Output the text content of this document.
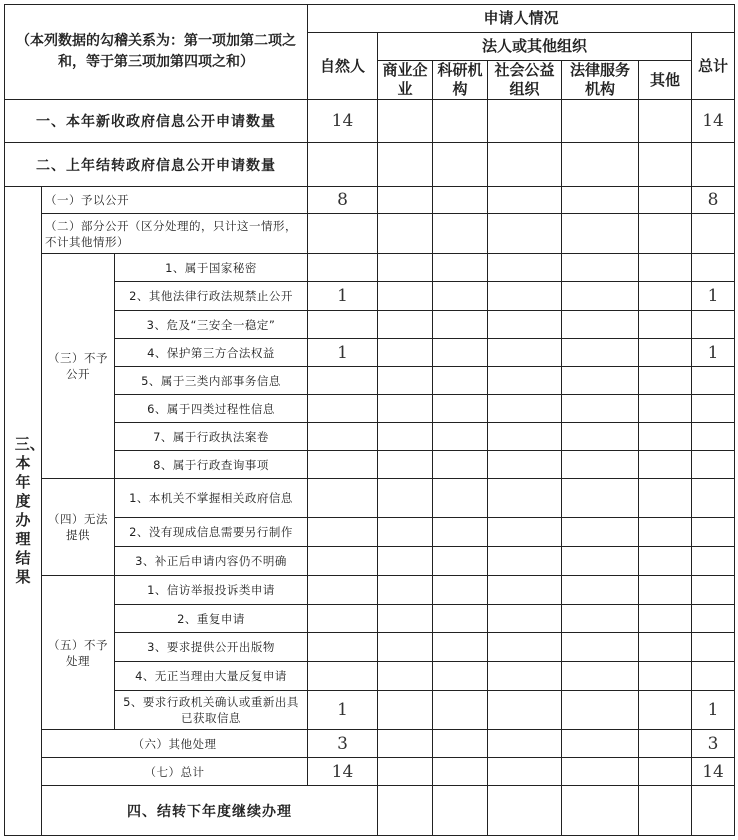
（本列数据的勾稽关系为：第一项加第二项之和，等于第三项加第四项之和）			申请人情况							
			自然人	法人或其他组织					总计	
				商业企业	科研机构	社会公益组织	法律服务机构	其他		
一、本年新收政府信息公开申请数量			14						14	
二、上年结转政府信息公开申请数量										
三、本年度办理结果	（一）予以公开		8						8	
	（二）部分公开（区分处理的，只计这一情形，不计其他情形）									
	（三）不予公开	1、属于国家秘密								
		2、其他法律行政法规禁止公开	1						1	
		3、危及“三安全一稳定”								
		4、保护第三方合法权益	1						1	
		5、属于三类内部事务信息								
		6、属于四类过程性信息								
		7、属于行政执法案卷								
		8、属于行政查询事项								
	（四）无法提供	1、本机关不掌握相关政府信息								
		2、没有现成信息需要另行制作								
		3、补正后申请内容仍不明确								
	（五）不予处理	1、信访举报投诉类申请								
		2、重复申请								
		3、要求提供公开出版物								
		4、无正当理由大量反复申请								
		5、要求行政机关确认或重新出具已获取信息	1						1	
	（六）其他处理		3						3	
	（七）总计		14						14	
	四、结转下年度继续办理									
